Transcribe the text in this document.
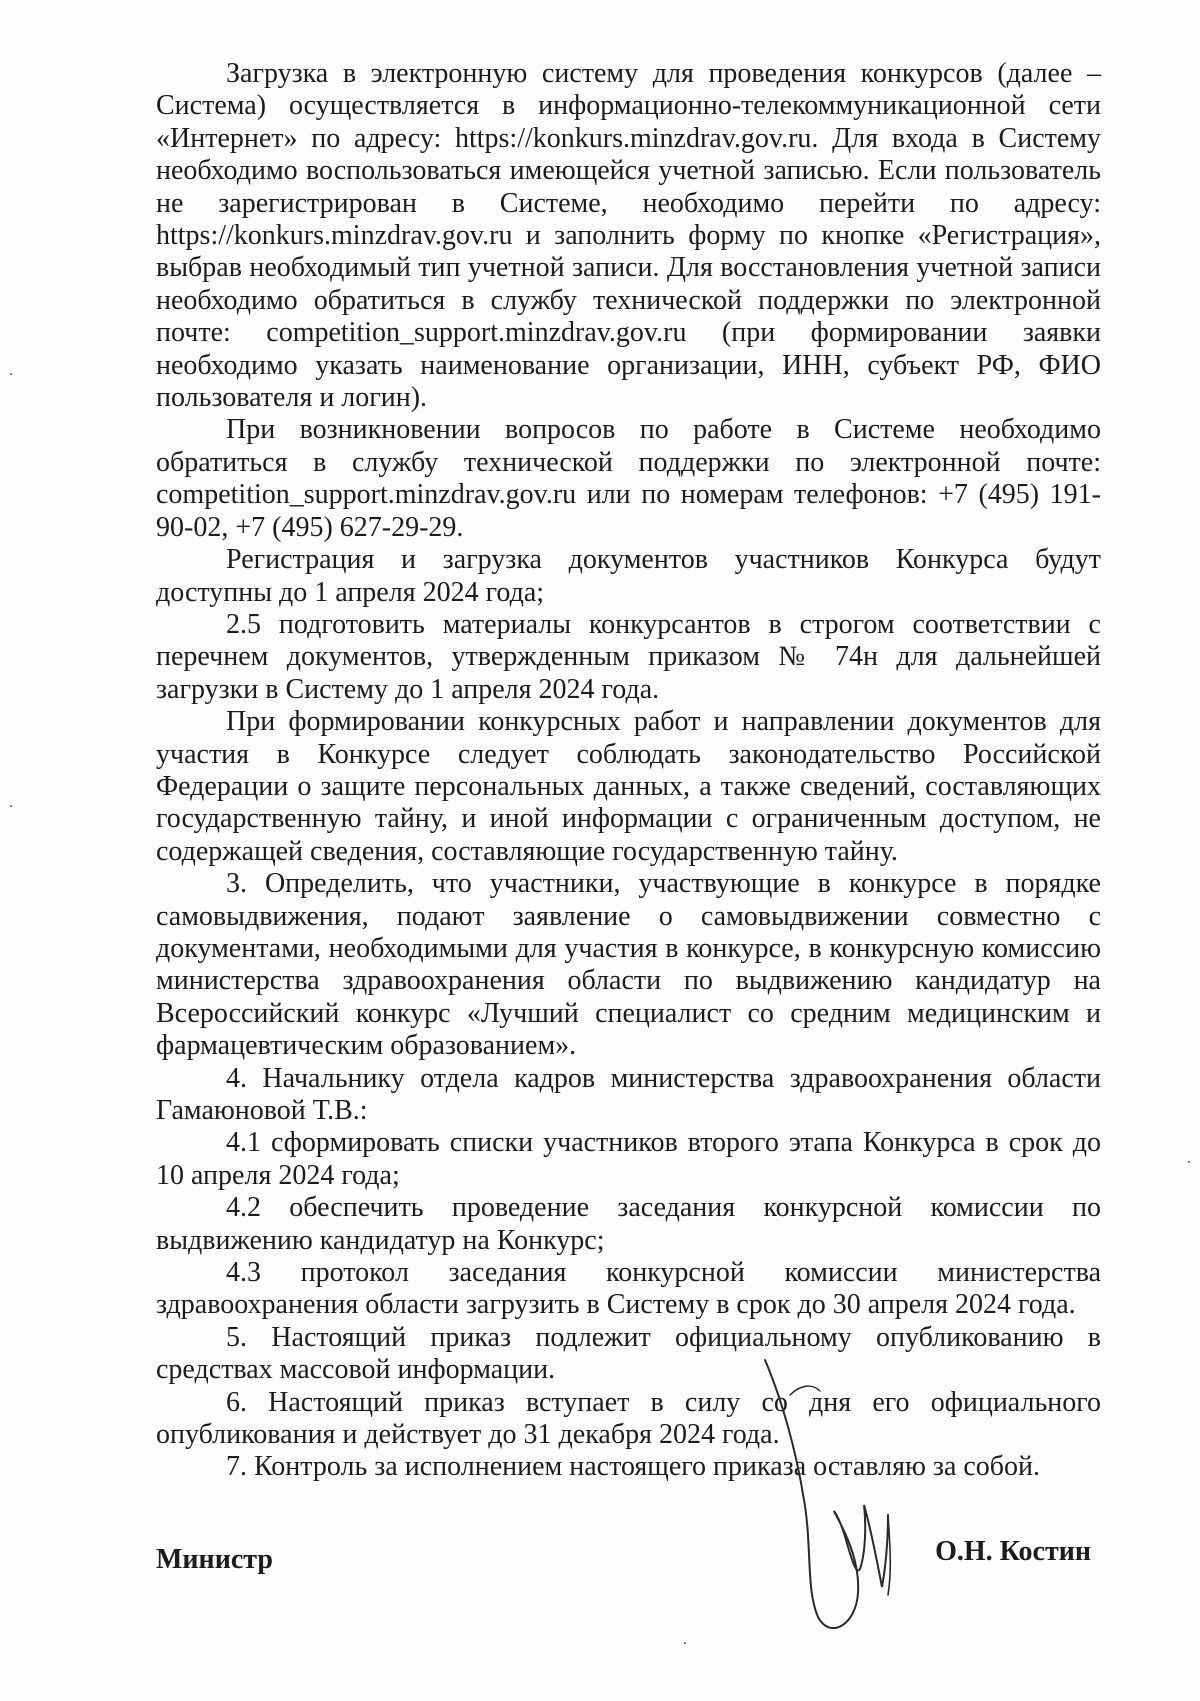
Загрузка в электронную систему для проведения конкурсов (далее – Система) осуществляется в информационно-телекоммуникационной сети «Интернет» по адресу: https://konkurs.minzdrav.gov.ru. Для входа в Систему необходимо воспользоваться имеющейся учетной записью. Если пользователь не зарегистрирован в Системе, необходимо перейти по адресу: https://konkurs.minzdrav.gov.ru и заполнить форму по кнопке «Регистрация», выбрав необходимый тип учетной записи. Для восстановления учетной записи необходимо обратиться в службу технической поддержки по электронной почте: competition_support.minzdrav.gov.ru (при формировании заявки необходимо указать наименование организации, ИНН, субъект РФ, ФИО пользователя и логин).

При возникновении вопросов по работе в Системе необходимо обратиться в службу технической поддержки по электронной почте: competition_support.minzdrav.gov.ru или по номерам телефонов: +7 (495) 191-90-02, +7 (495) 627-29-29.

Регистрация и загрузка документов участников Конкурса будут доступны до 1 апреля 2024 года;

2.5 подготовить материалы конкурсантов в строгом соответствии с перечнем документов, утвержденным приказом № 74н для дальнейшей загрузки в Систему до 1 апреля 2024 года.

При формировании конкурсных работ и направлении документов для участия в Конкурсе следует соблюдать законодательство Российской Федерации о защите персональных данных, а также сведений, составляющих государственную тайну, и иной информации с ограниченным доступом, не содержащей сведения, составляющие государственную тайну.

3. Определить, что участники, участвующие в конкурсе в порядке самовыдвижения, подают заявление о самовыдвижении совместно с документами, необходимыми для участия в конкурсе, в конкурсную комиссию министерства здравоохранения области по выдвижению кандидатур на Всероссийский конкурс «Лучший специалист со средним медицинским и фармацевтическим образованием».

4. Начальнику отдела кадров министерства здравоохранения области Гамаюновой Т.В.:

4.1 сформировать списки участников второго этапа Конкурса в срок до 10 апреля 2024 года;

4.2 обеспечить проведение заседания конкурсной комиссии по выдвижению кандидатур на Конкурс;

4.3 протокол заседания конкурсной комиссии министерства здравоохранения области загрузить в Систему в срок до 30 апреля 2024 года.

5. Настоящий приказ подлежит официальному опубликованию в средствах массовой информации.

6. Настоящий приказ вступает в силу со дня его официального опубликования и действует до 31 декабря 2024 года.

7. Контроль за исполнением настоящего приказа оставляю за собой.

Министр	О.Н. Костин
